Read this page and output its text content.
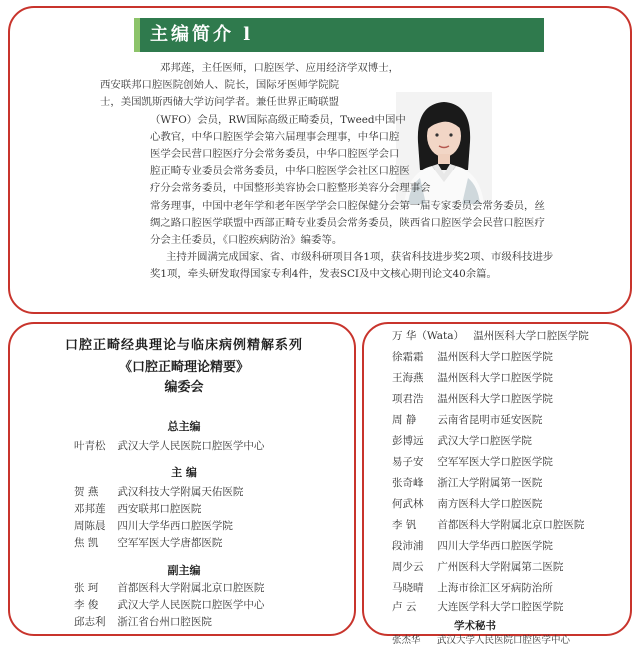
主编简介 l

邓邦莲，主任医师，口腔医学、应用经济学双博士，

西安联邦口腔医院创始人、院长，国际牙医师学院院

士，美国凯斯西储大学访问学者。兼任世界正畸联盟

（WFO）会员，RW国际高级正畸委员，Tweed中国中

心教官，中华口腔医学会第六届理事会理事，中华口腔

医学会民营口腔医疗分会常务委员，中华口腔医学会口

腔正畸专业委员会常务委员，中华口腔医学会社区口腔医

疗分会常务委员，中国整形美容协会口腔整形美容分会理事会

常务理事，中国中老年学和老年医学学会口腔保健分会第一届专家委员会常务委员，丝

绸之路口腔医学联盟中西部正畸专业委员会常务委员，陕西省口腔医学会民营口腔医疗

分会主任委员，《口腔疾病防治》编委等。

主持并圆满完成国家、省、市级科研项目各1项，获省科技进步奖2项、市级科技进步

奖1项，牵头研发取得国家专利4件，发表SCI及中文核心期刊论文40余篇。

口腔正畸经典理论与临床病例精解系列
《口腔正畸理论精要》
编委会
总主编
叶青松 武汉大学人民医院口腔医学中心
主 编
贺 燕 武汉科技大学附属天佑医院
邓邦莲 西安联邦口腔医院
周陈晨 四川大学华西口腔医学院
焦 凯 空军军医大学唐都医院
副主编
张 珂 首都医科大学附属北京口腔医院
李 俊 武汉大学人民医院口腔医学中心
邱志利 浙江省台州口腔医院
万 华（Wata） 温州医科大学口腔医学院
徐霜霜 温州医科大学口腔医学院
王海燕 温州医科大学口腔医学院
项君浩 温州医科大学口腔医学院
周 静 云南省昆明市延安医院
彭博远 武汉大学口腔医学院
易子安 空军军医大学口腔医学院
张奇峰 浙江大学附属第一医院
何武林 南方医科大学口腔医院
李 钒 首都医科大学附属北京口腔医院
段沛浦 四川大学华西口腔医学院
周少云 广州医科大学附属第二医院
马晓晴 上海市徐汇区牙病防治所
卢 云 大连医学科大学口腔医学院
学术秘书
张杰华 武汉大学人民医院口腔医学中心
